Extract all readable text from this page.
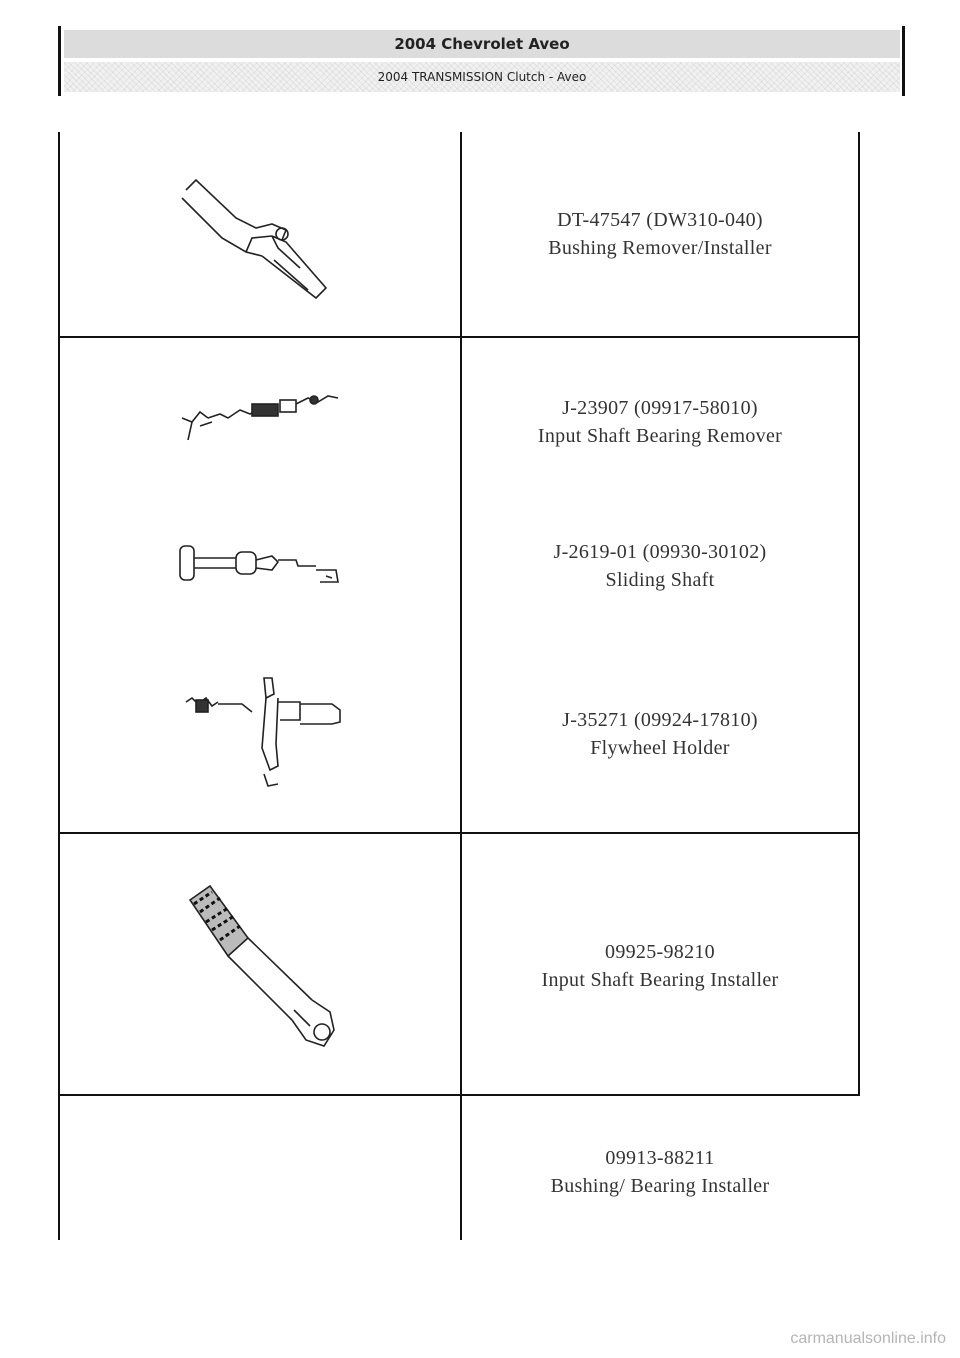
2004 Chevrolet Aveo
2004 TRANSMISSION Clutch - Aveo
DT-47547 (DW310-040)
Bushing Remover/Installer
J-23907 (09917-58010)
Input Shaft Bearing Remover
J-2619-01 (09930-30102)
Sliding Shaft
J-35271 (09924-17810)
Flywheel Holder
09925-98210
Input Shaft Bearing Installer
09913-88211
Bushing/ Bearing Installer
carmanualsonline.info
